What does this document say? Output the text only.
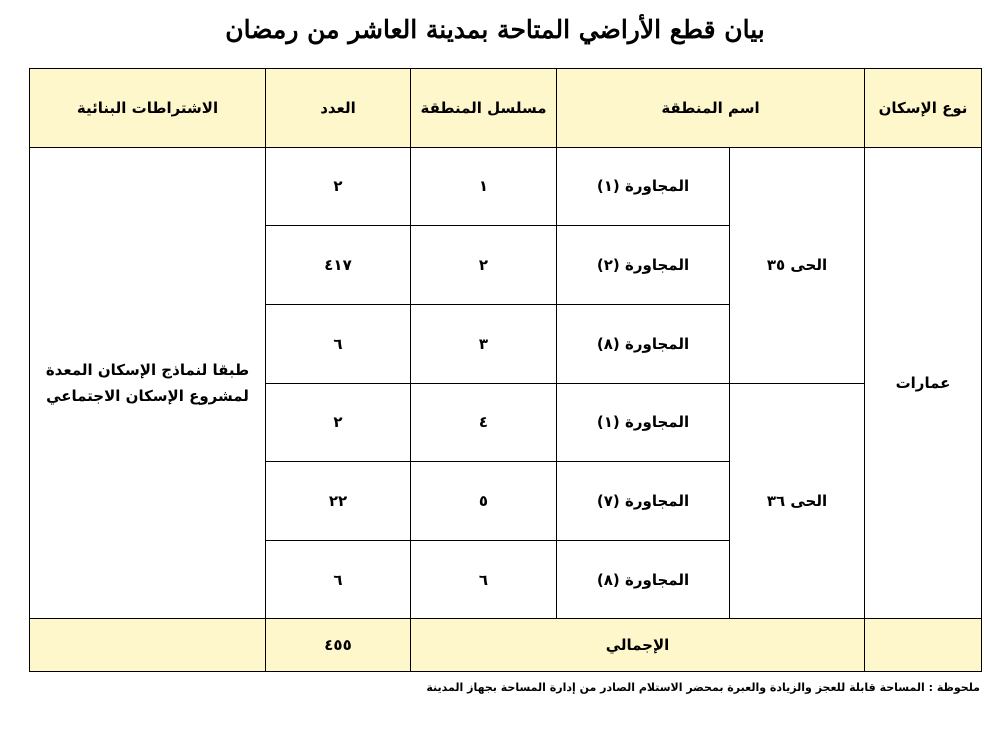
بيان قطع الأراضي المتاحة بمدينة العاشر من رمضان
نوع الإسكان	اسم المنطقة		مسلسل المنطقة	العدد	الاشتراطات البنائية
عمارات	الحى ٣٥	المجاورة (١)	١	٢	طبقا لنماذج الإسكان المعدة لمشروع الإسكان الاجتماعي
		المجاورة (٢)	٢	٤١٧	
		المجاورة (٨)	٣	٦	
	الحى ٣٦	المجاورة (١)	٤	٢	
		المجاورة (٧)	٥	٢٢	
		المجاورة (٨)	٦	٦	
	الإجمالي			٤٥٥	
ملحوظة : المساحة قابلة للعجز والزيادة والعبرة بمحضر الاستلام الصادر من إدارة المساحة بجهاز المدينة
